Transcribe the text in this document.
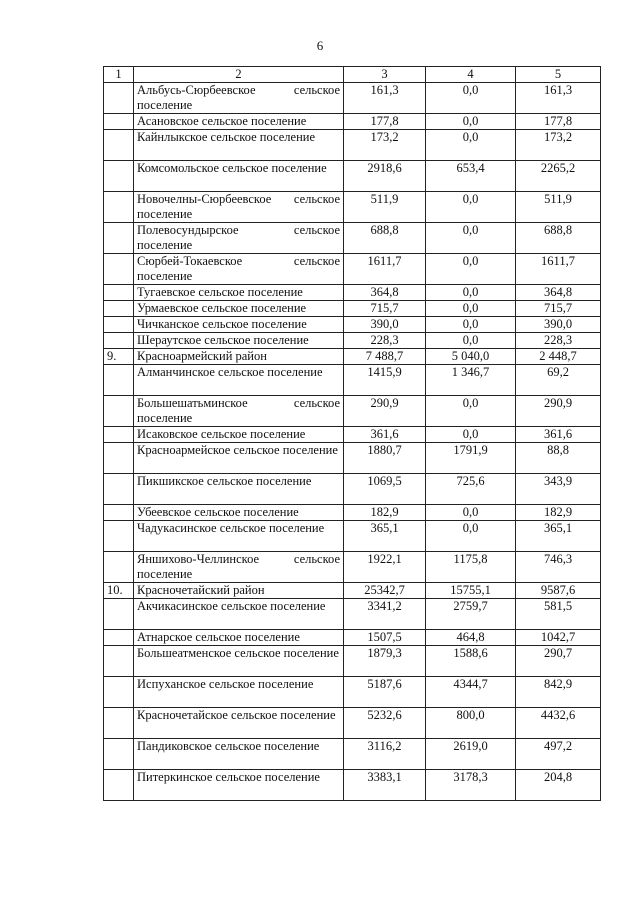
6
1	2	3	4	5
	Альбусь-Сюрбеевское сельское поселение	161,3	0,0	161,3
	Асановское сельское поселение	177,8	0,0	177,8
	Кайнлыкское сельское поселение	173,2	0,0	173,2
	Комсомольское сельское поселение	2918,6	653,4	2265,2
	Новочелны-Сюрбеевское сельское поселение	511,9	0,0	511,9
	Полевосундырское сельское поселение	688,8	0,0	688,8
	Сюрбей-Токаевское сельское поселение	1611,7	0,0	1611,7
	Тугаевское сельское поселение	364,8	0,0	364,8
	Урмаевское сельское поселение	715,7	0,0	715,7
	Чичканское сельское поселение	390,0	0,0	390,0
	Шераутское сельское поселение	228,3	0,0	228,3
9.	Красноармейский район	7 488,7	5 040,0	2 448,7
	Алманчинское сельское поселение	1415,9	1 346,7	69,2
	Большешатьминское сельское поселение	290,9	0,0	290,9
	Исаковское сельское поселение	361,6	0,0	361,6
	Красноармейское сельское поселение	1880,7	1791,9	88,8
	Пикшикское сельское поселение	1069,5	725,6	343,9
	Убеевское сельское поселение	182,9	0,0	182,9
	Чадукасинское сельское поселение	365,1	0,0	365,1
	Яншихово-Челлинское сельское поселение	1922,1	1175,8	746,3
10.	Красночетайский район	25342,7	15755,1	9587,6
	Акчикасинское сельское поселение	3341,2	2759,7	581,5
	Атнарское сельское поселение	1507,5	464,8	1042,7
	Большеатменское сельское поселение	1879,3	1588,6	290,7
	Испуханское сельское поселение	5187,6	4344,7	842,9
	Красночетайское сельское поселение	5232,6	800,0	4432,6
	Пандиковское сельское поселение	3116,2	2619,0	497,2
	Питеркинское сельское поселение	3383,1	3178,3	204,8
